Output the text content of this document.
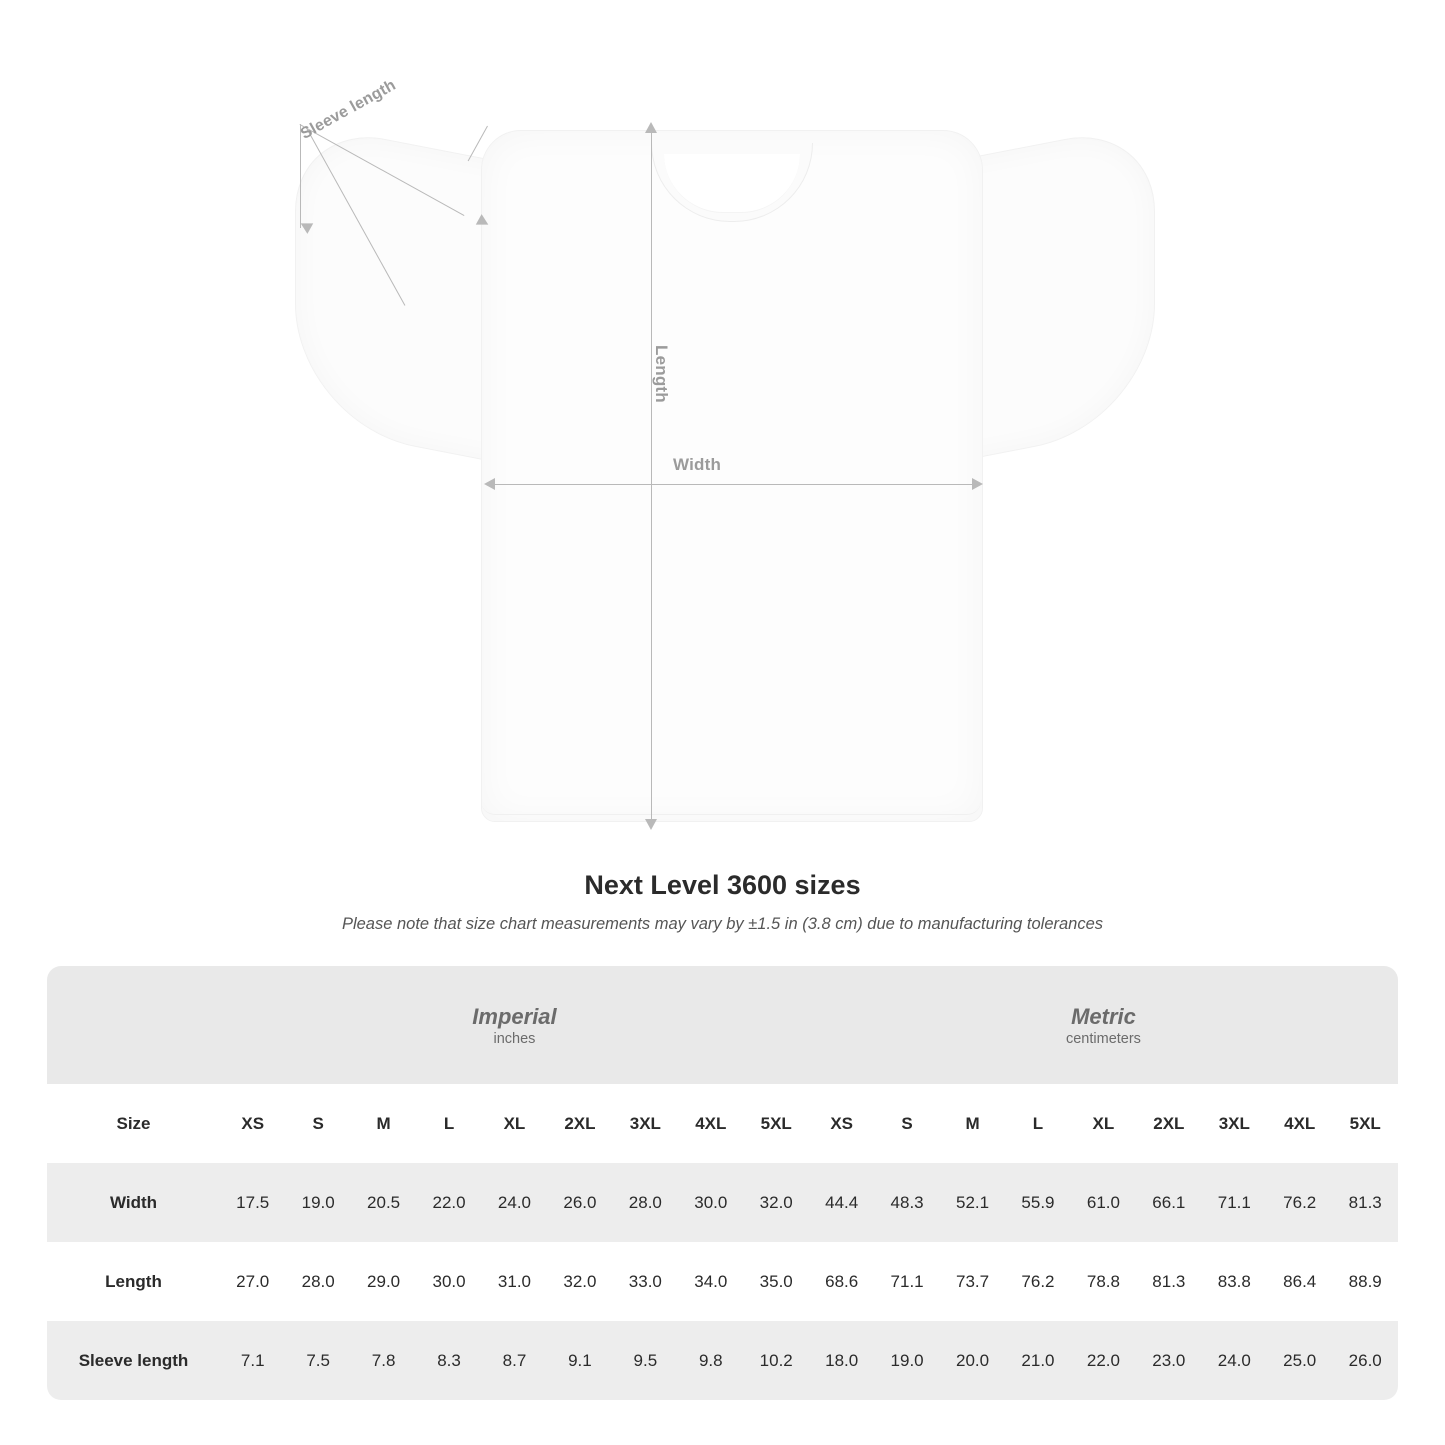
Length
Width
Sleeve length
Next Level 3600 sizes

Please note that size chart measurements may vary by ±1.5 in (3.8 cm) due to manufacturing tolerances

Imperial
inches

Metric
centimeters

Size	XS	S	M	L	XL	2XL	3XL	4XL	5XL	XS	S	M	L	XL	2XL	3XL	4XL	5XL
Width	17.5	19.0	20.5	22.0	24.0	26.0	28.0	30.0	32.0	44.4	48.3	52.1	55.9	61.0	66.1	71.1	76.2	81.3
Length	27.0	28.0	29.0	30.0	31.0	32.0	33.0	34.0	35.0	68.6	71.1	73.7	76.2	78.8	81.3	83.8	86.4	88.9
Sleeve length	7.1	7.5	7.8	8.3	8.7	9.1	9.5	9.8	10.2	18.0	19.0	20.0	21.0	22.0	23.0	24.0	25.0	26.0
